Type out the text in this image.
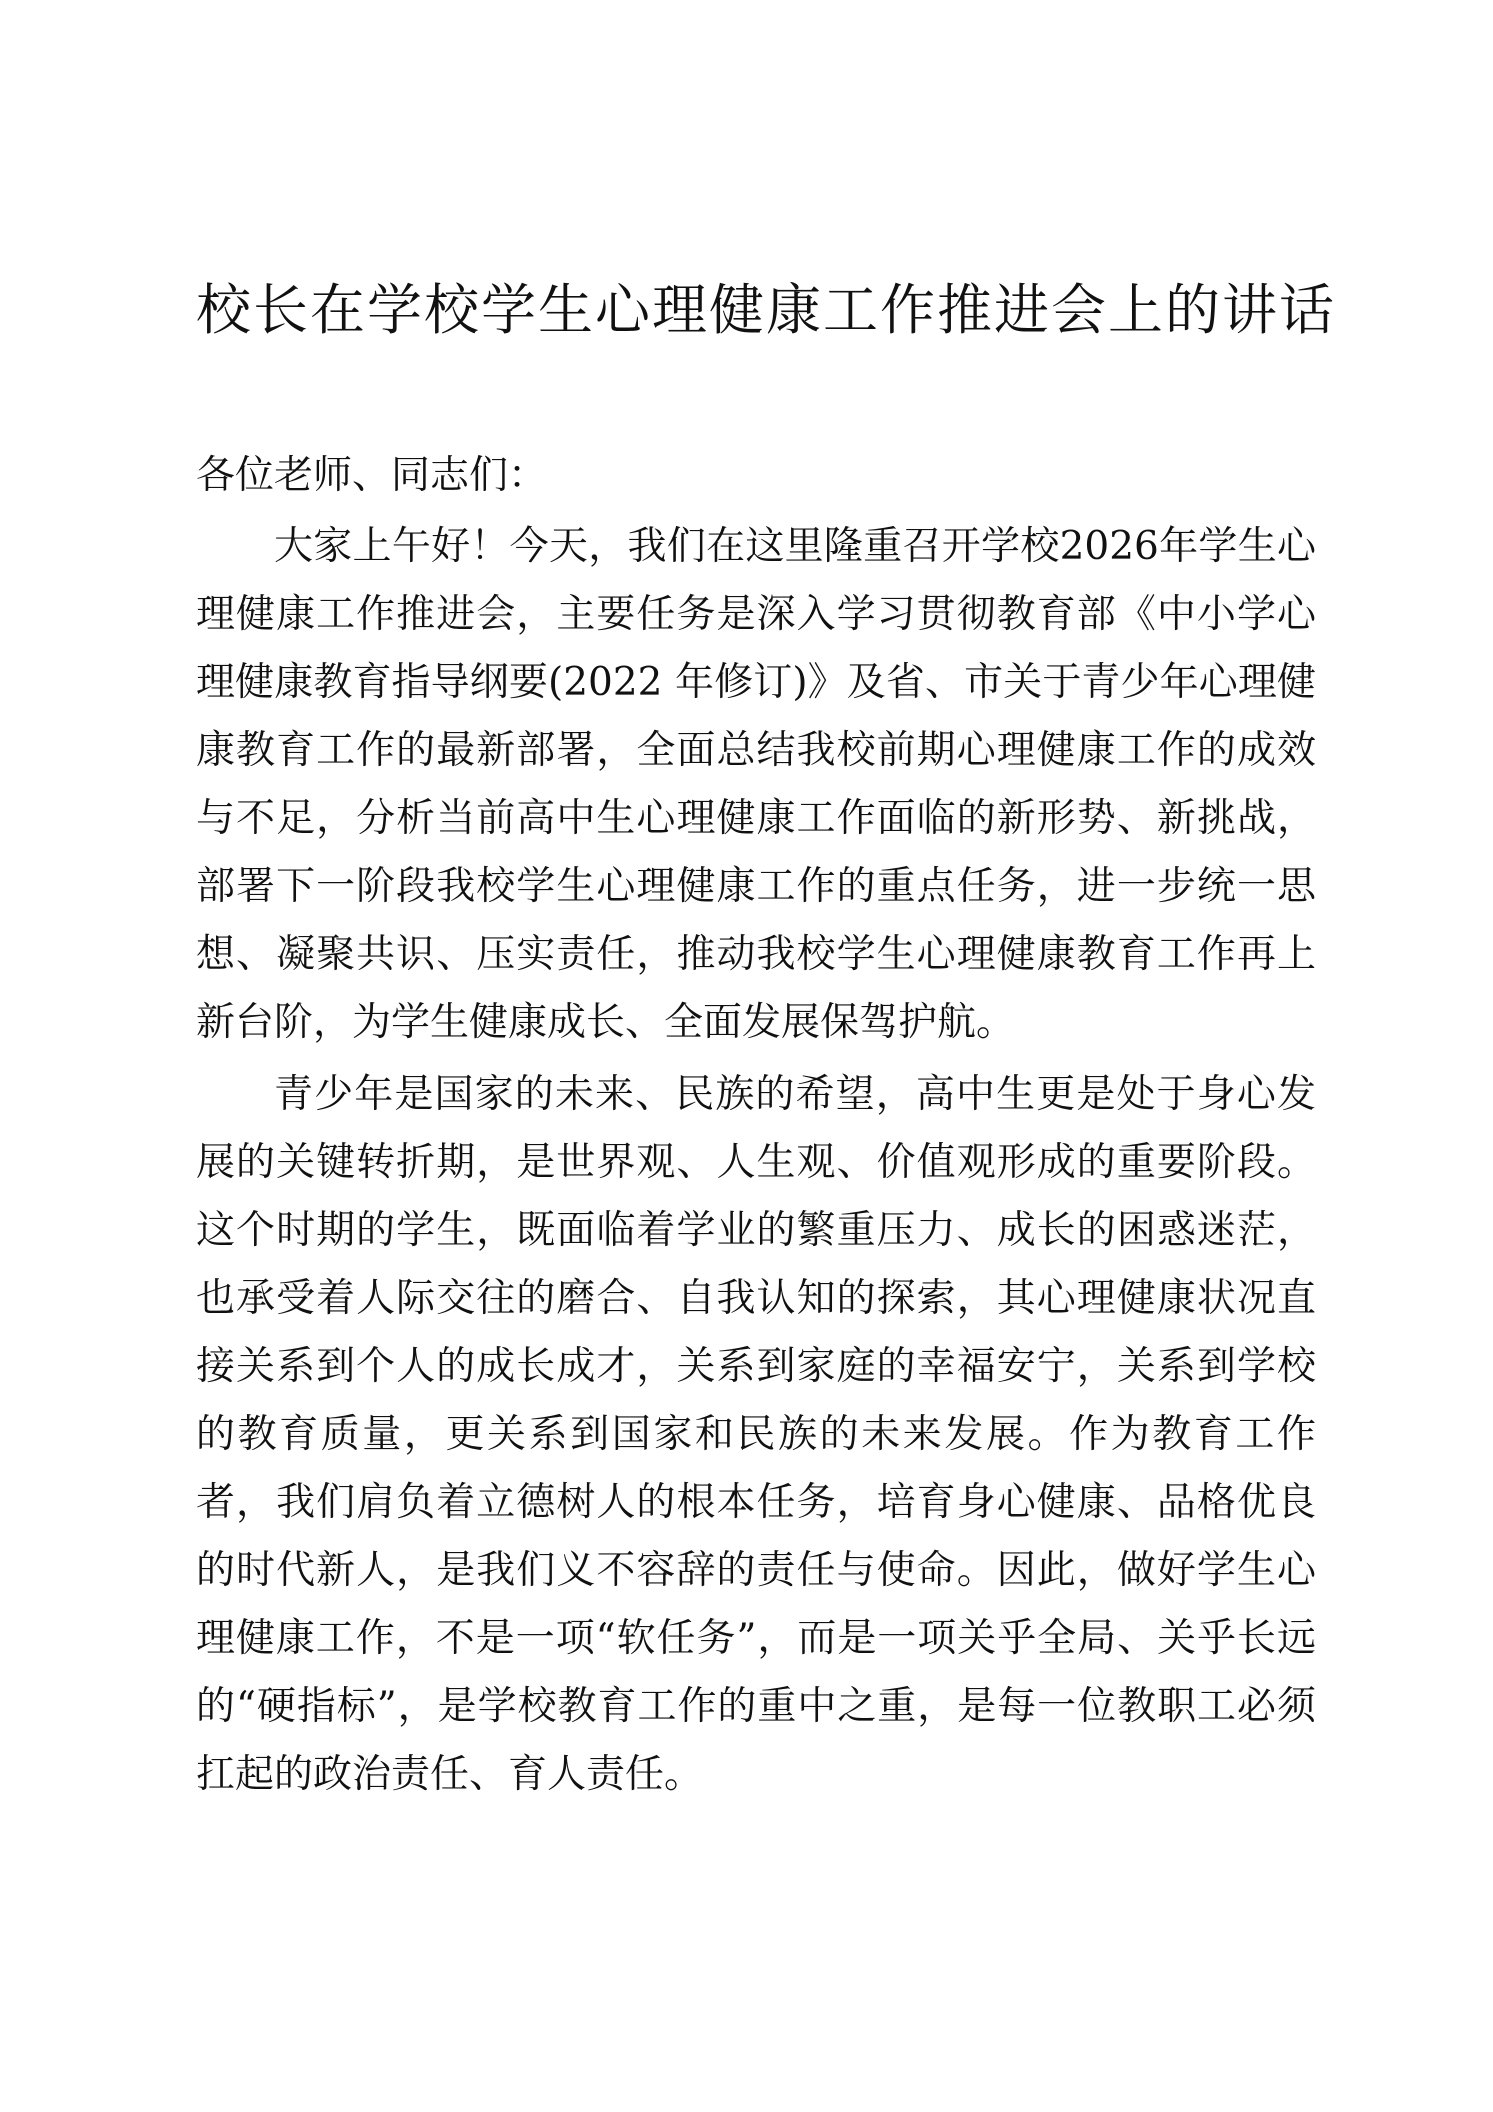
校长在学校学生心理健康工作推进会上的讲话

各位老师、同志们：

大家上午好！今天，我们在这里隆重召开学校2026年学生心理健康工作推进会，主要任务是深入学习贯彻教育部《中小学心理健康教育指导纲要(2022 年修订)》及省、市关于青少年心理健康教育工作的最新部署，全面总结我校前期心理健康工作的成效与不足，分析当前高中生心理健康工作面临的新形势、新挑战，部署下一阶段我校学生心理健康工作的重点任务，进一步统一思想、凝聚共识、压实责任，推动我校学生心理健康教育工作再上新台阶，为学生健康成长、全面发展保驾护航。

青少年是国家的未来、民族的希望，高中生更是处于身心发展的关键转折期，是世界观、人生观、价值观形成的重要阶段。这个时期的学生，既面临着学业的繁重压力、成长的困惑迷茫，也承受着人际交往的磨合、自我认知的探索，其心理健康状况直接关系到个人的成长成才，关系到家庭的幸福安宁，关系到学校的教育质量，更关系到国家和民族的未来发展。作为教育工作者，我们肩负着立德树人的根本任务，培育身心健康、品格优良的时代新人，是我们义不容辞的责任与使命。因此，做好学生心理健康工作，不是一项“软任务”，而是一项关乎全局、关乎长远的“硬指标”，是学校教育工作的重中之重，是每一位教职工必须扛起的政治责任、育人责任。
